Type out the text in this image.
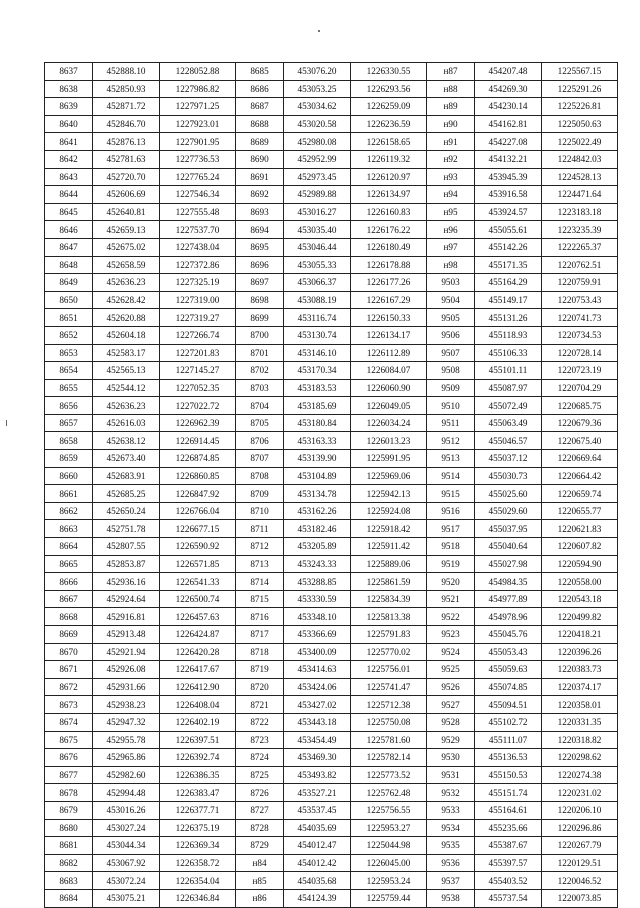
8637	452888.10	1228052.88	8685	453076.20	1226330.55	н87	454207.48	1225567.15
8638	452850.93	1227986.82	8686	453053.25	1226293.56	н88	454269.30	1225291.26
8639	452871.72	1227971.25	8687	453034.62	1226259.09	н89	454230.14	1225226.81
8640	452846.70	1227923.01	8688	453020.58	1226236.59	н90	454162.81	1225050.63
8641	452876.13	1227901.95	8689	452980.08	1226158.65	н91	454227.08	1225022.49
8642	452781.63	1227736.53	8690	452952.99	1226119.32	н92	454132.21	1224842.03
8643	452720.70	1227765.24	8691	452973.45	1226120.97	н93	453945.39	1224528.13
8644	452606.69	1227546.34	8692	452989.88	1226134.97	н94	453916.58	1224471.64
8645	452640.81	1227555.48	8693	453016.27	1226160.83	н95	453924.57	1223183.18
8646	452659.13	1227537.70	8694	453035.40	1226176.22	н96	455055.61	1223235.39
8647	452675.02	1227438.04	8695	453046.44	1226180.49	н97	455142.26	1222265.37
8648	452658.59	1227372.86	8696	453055.33	1226178.88	н98	455171.35	1220762.51
8649	452636.23	1227325.19	8697	453066.37	1226177.26	9503	455164.29	1220759.91
8650	452628.42	1227319.00	8698	453088.19	1226167.29	9504	455149.17	1220753.43
8651	452620.88	1227319.27	8699	453116.74	1226150.33	9505	455131.26	1220741.73
8652	452604.18	1227266.74	8700	453130.74	1226134.17	9506	455118.93	1220734.53
8653	452583.17	1227201.83	8701	453146.10	1226112.89	9507	455106.33	1220728.14
8654	452565.13	1227145.27	8702	453170.34	1226084.07	9508	455101.11	1220723.19
8655	452544.12	1227052.35	8703	453183.53	1226060.90	9509	455087.97	1220704.29
8656	452636.23	1227022.72	8704	453185.69	1226049.05	9510	455072.49	1220685.75
8657	452616.03	1226962.39	8705	453180.84	1226034.24	9511	455063.49	1220679.36
8658	452638.12	1226914.45	8706	453163.33	1226013.23	9512	455046.57	1220675.40
8659	452673.40	1226874.85	8707	453139.90	1225991.95	9513	455037.12	1220669.64
8660	452683.91	1226860.85	8708	453104.89	1225969.06	9514	455030.73	1220664.42
8661	452685.25	1226847.92	8709	453134.78	1225942.13	9515	455025.60	1220659.74
8662	452650.24	1226766.04	8710	453162.26	1225924.08	9516	455029.60	1220655.77
8663	452751.78	1226677.15	8711	453182.46	1225918.42	9517	455037.95	1220621.83
8664	452807.55	1226590.92	8712	453205.89	1225911.42	9518	455040.64	1220607.82
8665	452853.87	1226571.85	8713	453243.33	1225889.06	9519	455027.98	1220594.90
8666	452936.16	1226541.33	8714	453288.85	1225861.59	9520	454984.35	1220558.00
8667	452924.64	1226500.74	8715	453330.59	1225834.39	9521	454977.89	1220543.18
8668	452916.81	1226457.63	8716	453348.10	1225813.38	9522	454978.96	1220499.82
8669	452913.48	1226424.87	8717	453366.69	1225791.83	9523	455045.76	1220418.21
8670	452921.94	1226420.28	8718	453400.09	1225770.02	9524	455053.43	1220396.26
8671	452926.08	1226417.67	8719	453414.63	1225756.01	9525	455059.63	1220383.73
8672	452931.66	1226412.90	8720	453424.06	1225741.47	9526	455074.85	1220374.17
8673	452938.23	1226408.04	8721	453427.02	1225712.38	9527	455094.51	1220358.01
8674	452947.32	1226402.19	8722	453443.18	1225750.08	9528	455102.72	1220331.35
8675	452955.78	1226397.51	8723	453454.49	1225781.60	9529	455111.07	1220318.82
8676	452965.86	1226392.74	8724	453469.30	1225782.14	9530	455136.53	1220298.62
8677	452982.60	1226386.35	8725	453493.82	1225773.52	9531	455150.53	1220274.38
8678	452994.48	1226383.47	8726	453527.21	1225762.48	9532	455151.74	1220231.02
8679	453016.26	1226377.71	8727	453537.45	1225756.55	9533	455164.61	1220206.10
8680	453027.24	1226375.19	8728	454035.69	1225953.27	9534	455235.66	1220296.86
8681	453044.34	1226369.34	8729	454012.47	1225044.98	9535	455387.67	1220267.79
8682	453067.92	1226358.72	н84	454012.42	1226045.00	9536	455397.57	1220129.51
8683	453072.24	1226354.04	н85	454035.68	1225953.24	9537	455403.52	1220046.52
8684	453075.21	1226346.84	н86	454124.39	1225759.44	9538	455737.54	1220073.85
